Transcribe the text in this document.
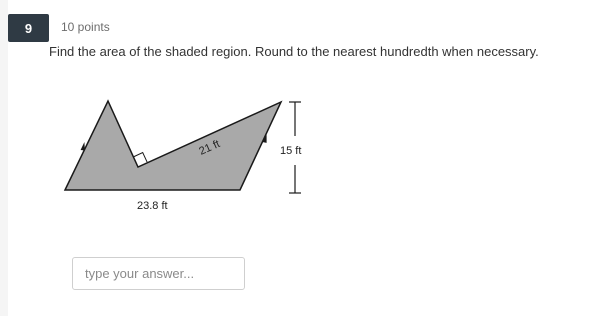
9 10 points
Find the area of the shaded region. Round to the nearest hundredth when necessary.
15 ft
23.8 ft
21 ft
type your answer...
